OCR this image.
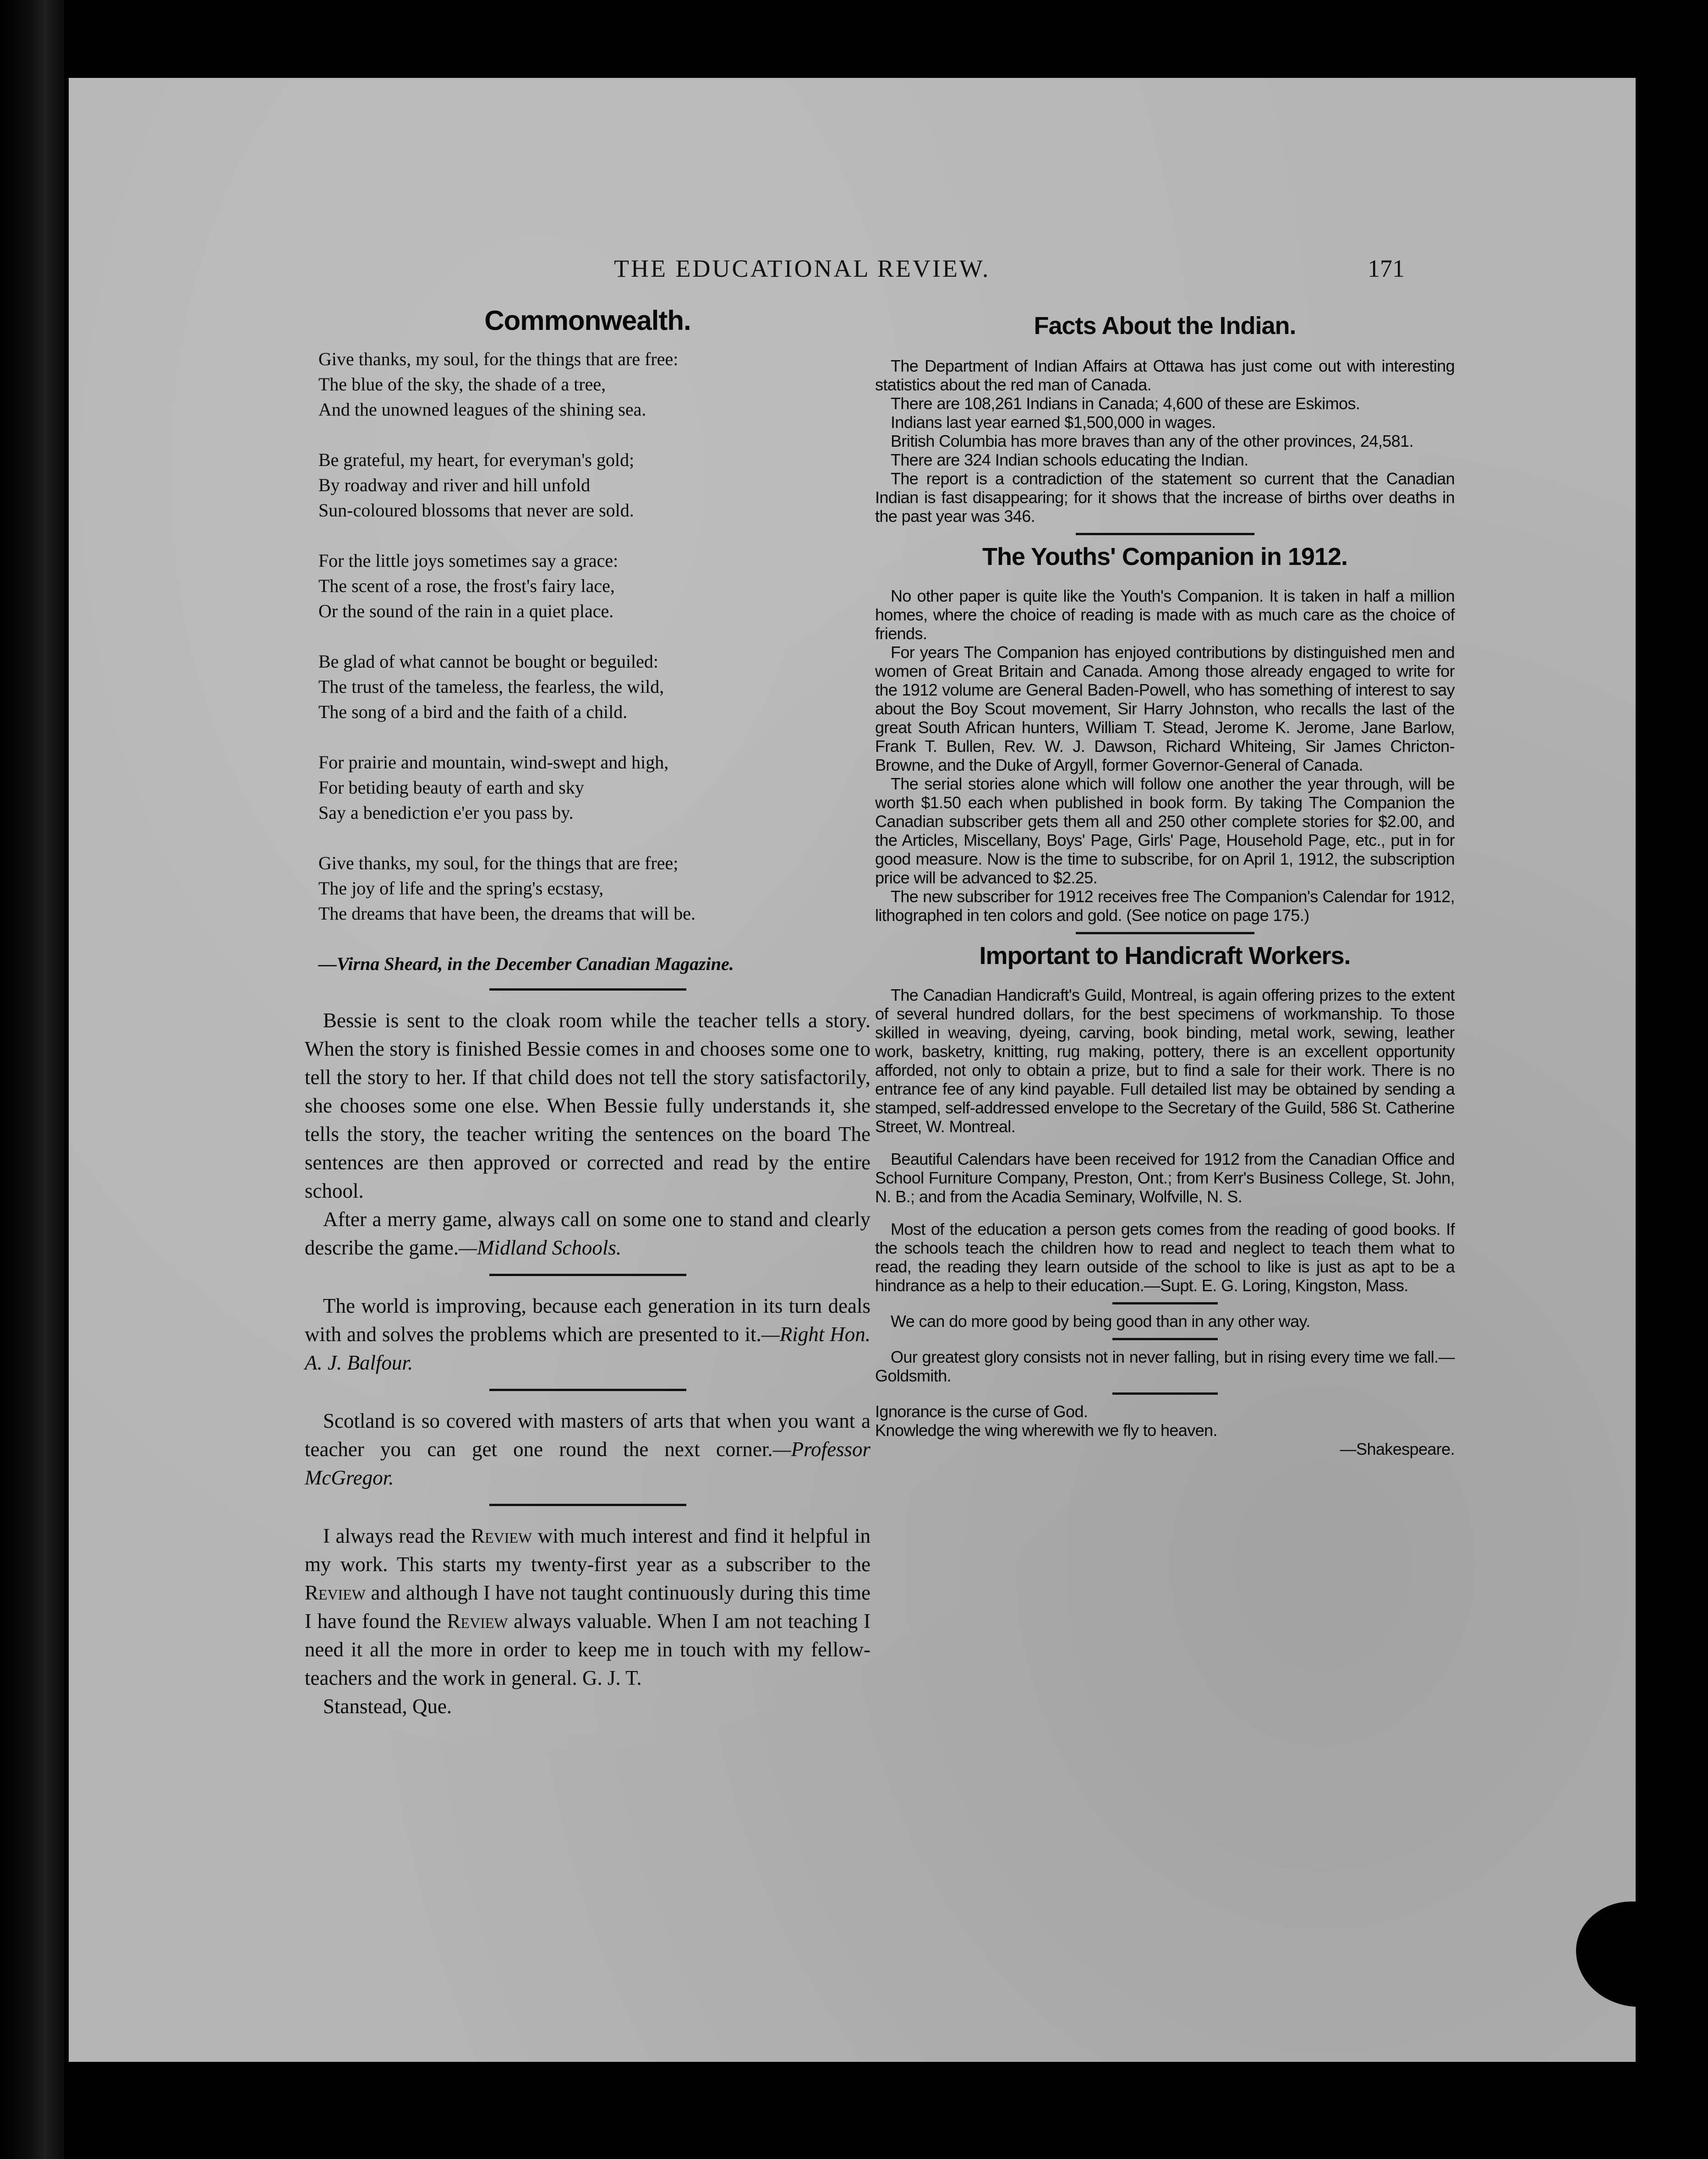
THE EDUCATIONAL REVIEW.	171
Commonwealth.
Give thanks, my soul, for the things that are free:
The blue of the sky, the shade of a tree,
And the unowned leagues of the shining sea.
Be grateful, my heart, for everyman's gold;
By roadway and river and hill unfold
Sun-coloured blossoms that never are sold.
For the little joys sometimes say a grace:
The scent of a rose, the frost's fairy lace,
Or the sound of the rain in a quiet place.
Be glad of what cannot be bought or beguiled:
The trust of the tameless, the fearless, the wild,
The song of a bird and the faith of a child.
For prairie and mountain, wind-swept and high,
For betiding beauty of earth and sky
Say a benediction e'er you pass by.
Give thanks, my soul, for the things that are free;
The joy of life and the spring's ecstasy,
The dreams that have been, the dreams that will be.
—Virna Sheard, in the December Canadian Magazine.

Bessie is sent to the cloak room while the teacher tells a story. When the story is finished Bessie comes in and chooses some one to tell the story to her. If that child does not tell the story satisfactorily, she chooses some one else. When Bessie fully understands it, she tells the story, the teacher writing the sentences on the board The sentences are then approved or corrected and read by the entire school.

After a merry game, always call on some one to stand and clearly describe the game.—Midland Schools.

The world is improving, because each generation in its turn deals with and solves the problems which are presented to it.—Right Hon. A. J. Balfour.

Scotland is so covered with masters of arts that when you want a teacher you can get one round the next corner.—Professor McGregor.

I always read the Review with much interest and find it helpful in my work. This starts my twenty-first year as a subscriber to the Review and although I have not taught continuously during this time I have found the Review always valuable. When I am not teaching I need it all the more in order to keep me in touch with my fellow-teachers and the work in general. G. J. T.

Stanstead, Que.

Facts About the Indian.

The Department of Indian Affairs at Ottawa has just come out with interesting statistics about the red man of Canada.

There are 108,261 Indians in Canada; 4,600 of these are Eskimos.

Indians last year earned $1,500,000 in wages.

British Columbia has more braves than any of the other provinces, 24,581.

There are 324 Indian schools educating the Indian.

The report is a contradiction of the statement so current that the Canadian Indian is fast disappearing; for it shows that the increase of births over deaths in the past year was 346.

The Youths' Companion in 1912.

No other paper is quite like the Youth's Companion. It is taken in half a million homes, where the choice of reading is made with as much care as the choice of friends.

For years The Companion has enjoyed contributions by distinguished men and women of Great Britain and Canada. Among those already engaged to write for the 1912 volume are General Baden-Powell, who has something of interest to say about the Boy Scout movement, Sir Harry Johnston, who recalls the last of the great South African hunters, William T. Stead, Jerome K. Jerome, Jane Barlow, Frank T. Bullen, Rev. W. J. Dawson, Richard Whiteing, Sir James Chricton-Browne, and the Duke of Argyll, former Governor-General of Canada.

The serial stories alone which will follow one another the year through, will be worth $1.50 each when published in book form. By taking The Companion the Canadian subscriber gets them all and 250 other complete stories for $2.00, and the Articles, Miscellany, Boys' Page, Girls' Page, Household Page, etc., put in for good measure. Now is the time to subscribe, for on April 1, 1912, the subscription price will be advanced to $2.25.

The new subscriber for 1912 receives free The Companion's Calendar for 1912, lithographed in ten colors and gold. (See notice on page 175.)

Important to Handicraft Workers.

The Canadian Handicraft's Guild, Montreal, is again offering prizes to the extent of several hundred dollars, for the best specimens of workmanship. To those skilled in weaving, dyeing, carving, book binding, metal work, sewing, leather work, basketry, knitting, rug making, pottery, there is an excellent opportunity afforded, not only to obtain a prize, but to find a sale for their work. There is no entrance fee of any kind payable. Full detailed list may be obtained by sending a stamped, self-addressed envelope to the Secretary of the Guild, 586 St. Catherine Street, W. Montreal.

Beautiful Calendars have been received for 1912 from the Canadian Office and School Furniture Company, Preston, Ont.; from Kerr's Business College, St. John, N. B.; and from the Acadia Seminary, Wolfville, N. S.

Most of the education a person gets comes from the reading of good books. If the schools teach the children how to read and neglect to teach them what to read, the reading they learn outside of the school to like is just as apt to be a hindrance as a help to their education.—Supt. E. G. Loring, Kingston, Mass.

We can do more good by being good than in any other way.

Our greatest glory consists not in never falling, but in rising every time we fall.—Goldsmith.

Ignorance is the curse of God.

Knowledge the wing wherewith we fly to heaven.

—Shakespeare.
